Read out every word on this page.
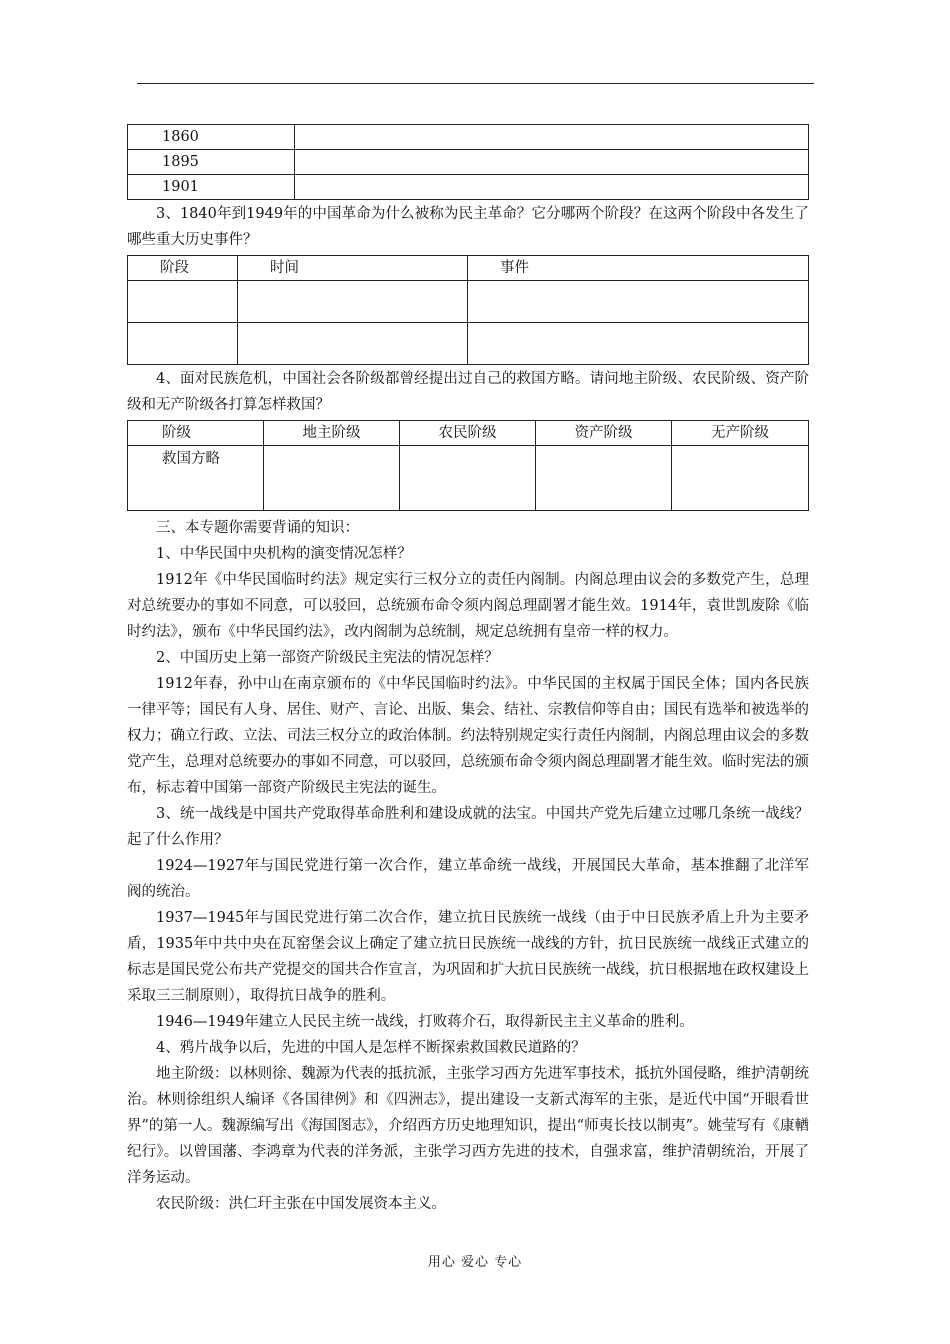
1860	
1895	
1901	

3、1840年到1949年的中国革命为什么被称为民主革命？它分哪两个阶段？在这两个阶段中各发生了哪些重大历史事件？

阶段	时间	事件

4、面对民族危机，中国社会各阶级都曾经提出过自己的救国方略。请问地主阶级、农民阶级、资产阶级和无产阶级各打算怎样救国？

阶级	地主阶级	农民阶级	资产阶级	无产阶级
救国方略				

三、本专题你需要背诵的知识：

1、中华民国中央机构的演变情况怎样？

1912年《中华民国临时约法》规定实行三权分立的责任内阁制。内阁总理由议会的多数党产生，总理对总统要办的事如不同意，可以驳回，总统颁布命令须内阁总理副署才能生效。1914年，袁世凯废除《临时约法》，颁布《中华民国约法》，改内阁制为总统制，规定总统拥有皇帝一样的权力。

2、中国历史上第一部资产阶级民主宪法的情况怎样？

1912年春，孙中山在南京颁布的《中华民国临时约法》。中华民国的主权属于国民全体；国内各民族一律平等；国民有人身、居住、财产、言论、出版、集会、结社、宗教信仰等自由；国民有选举和被选举的权力；确立行政、立法、司法三权分立的政治体制。约法特别规定实行责任内阁制，内阁总理由议会的多数党产生，总理对总统要办的事如不同意，可以驳回，总统颁布命令须内阁总理副署才能生效。临时宪法的颁布，标志着中国第一部资产阶级民主宪法的诞生。

3、统一战线是中国共产党取得革命胜利和建设成就的法宝。中国共产党先后建立过哪几条统一战线？起了什么作用？

1924—1927年与国民党进行第一次合作，建立革命统一战线，开展国民大革命，基本推翻了北洋军阀的统治。

1937—1945年与国民党进行第二次合作，建立抗日民族统一战线（由于中日民族矛盾上升为主要矛盾，1935年中共中央在瓦窑堡会议上确定了建立抗日民族统一战线的方针，抗日民族统一战线正式建立的标志是国民党公布共产党提交的国共合作宣言，为巩固和扩大抗日民族统一战线，抗日根据地在政权建设上采取三三制原则），取得抗日战争的胜利。

1946—1949年建立人民民主统一战线，打败蒋介石，取得新民主主义革命的胜利。

4、鸦片战争以后，先进的中国人是怎样不断探索救国救民道路的？

地主阶级：以林则徐、魏源为代表的抵抗派，主张学习西方先进军事技术，抵抗外国侵略，维护清朝统治。林则徐组织人编译《各国律例》和《四洲志》，提出建设一支新式海军的主张，是近代中国“开眼看世界”的第一人。魏源编写出《海国图志》，介绍西方历史地理知识，提出“师夷长技以制夷”。姚莹写有《康輶纪行》。以曾国藩、李鸿章为代表的洋务派，主张学习西方先进的技术，自强求富，维护清朝统治，开展了洋务运动。

农民阶级：洪仁玕主张在中国发展资本主义。

用心 爱心 专心
